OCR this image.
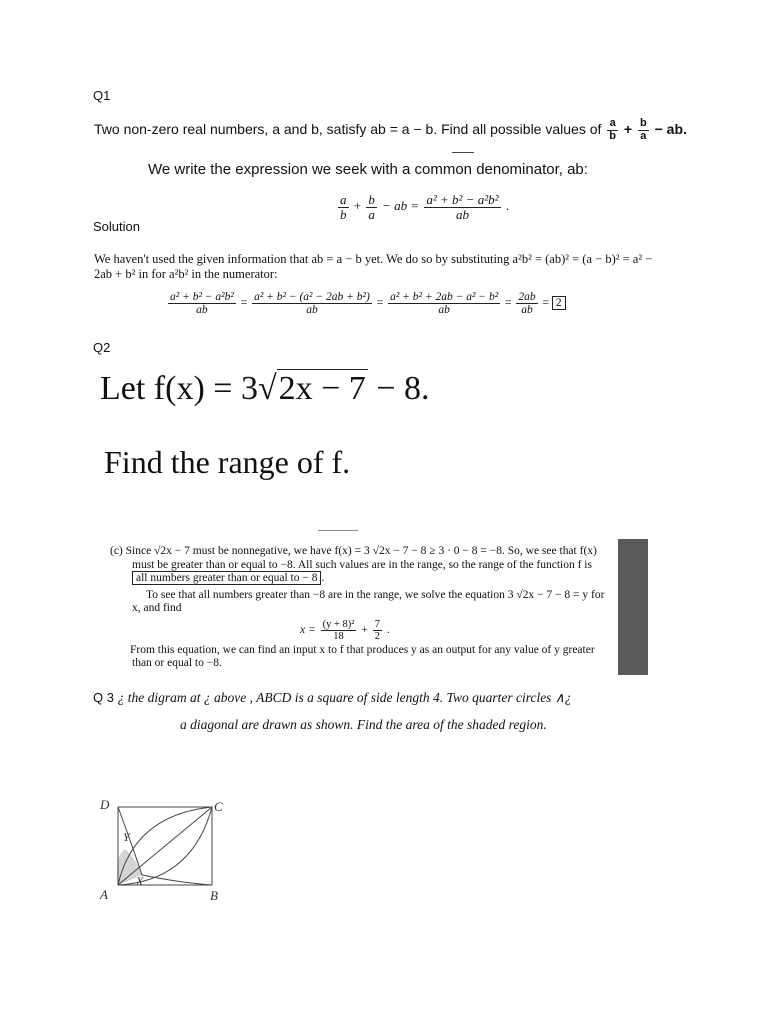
Q1
Two non-zero real numbers, a and b, satisfy ab = a − b. Find all possible values of $\frac{a}{b} + \frac{b}{a}$ − ab.
We write the expression we seek with a common denominator, ab:
$\frac{a}{b} + \frac{b}{a}$ − ab = $\frac{\text{a² + b² − a²b²}}{ab}$ .
Solution
We haven't used the given information that ab = a − b yet. We do so by substituting a²b² = (ab)² = (a − b)² = a² − 2ab + b² in for a²b² in the numerator:
$\frac{\text{a² + b² − a²b²}}{ab} = \frac{\text{a² + b² − (a² − 2ab + b²)}}{ab} = \frac{\text{a² + b² + 2ab − a² − b²}}{ab} = \frac{2ab}{ab} = 2$
Q2
Let f(x) = 3√2x − 7 − 8.
Find the range of f.
(c) Since √2x − 7 must be nonnegative, we have f(x) = 3 √2x − 7 − 8 ≥ 3 · 0 − 8 = −8. So, we see that f(x) must be greater than or equal to −8. All such values are in the range, so the range of the function f is all numbers greater than or equal to − 8 .
To see that all numbers greater than −8 are in the range, we solve the equation 3 √2x − 7 − 8 = y for x, and find
$x = \frac{\text{(y + 8)²}}{18} + \frac{7}{2}$ .
From this equation, we can find an input x to f that produces y as an output for any value of y greater than or equal to −8.
Q 3 ¿ the digram at ¿ above , ABCD is a square of side length 4. Two quarter circles ∧¿
a diagonal are drawn as shown. Find the area of the shaded region.
D	C
A	B
Y
X
